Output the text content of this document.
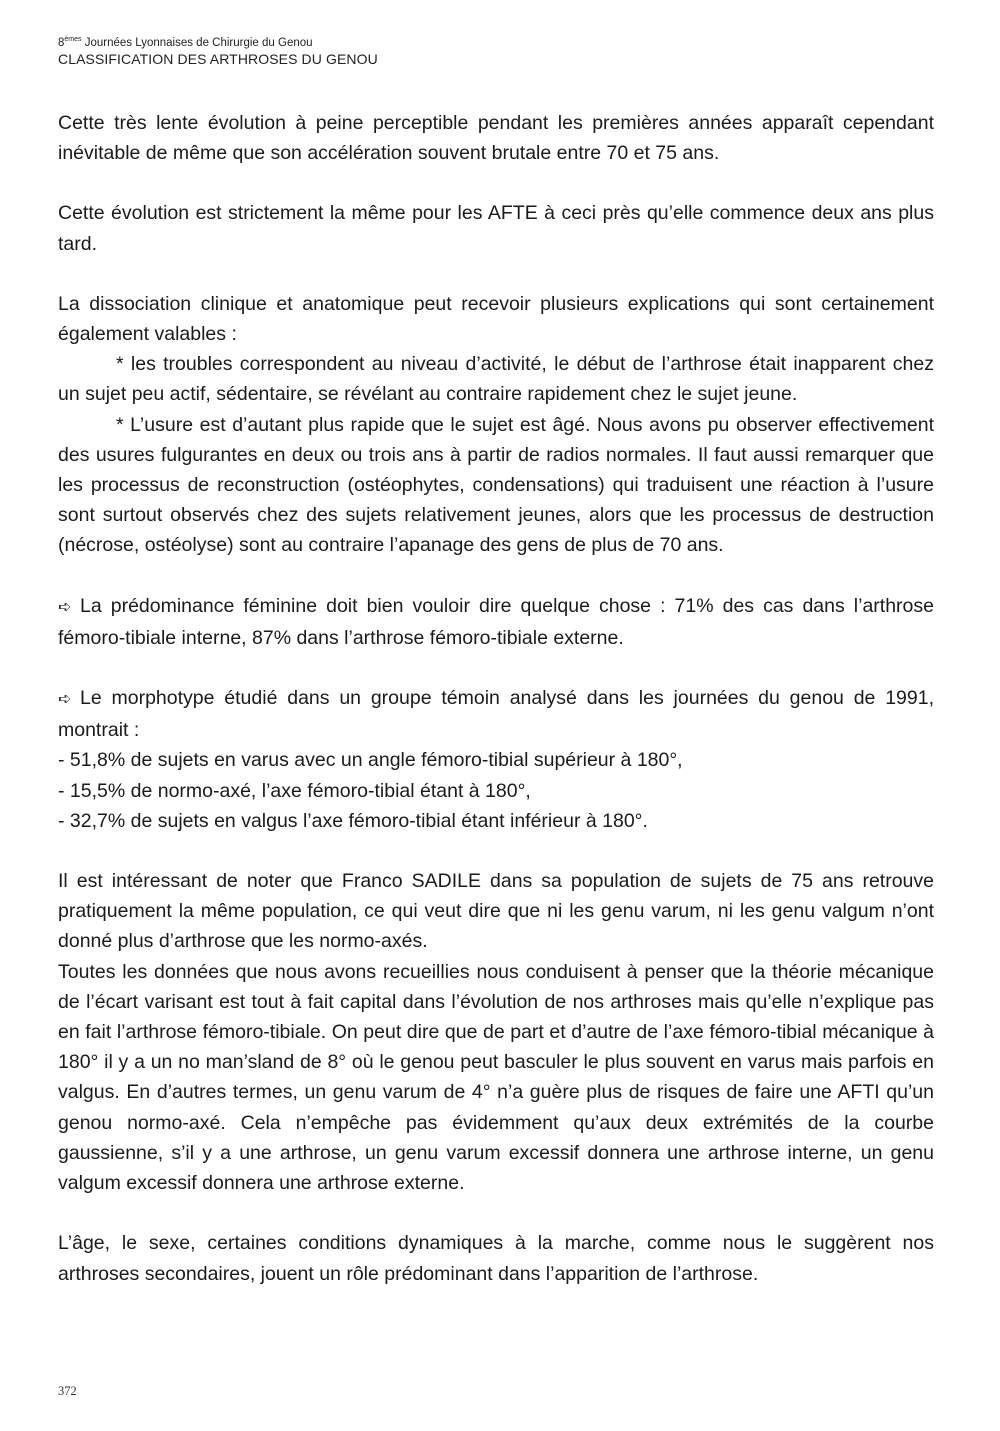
8èmes Journées Lyonnaises de Chirurgie du Genou
CLASSIFICATION DES ARTHROSES DU GENOU

Cette très lente évolution à peine perceptible pendant les premières années apparaît cependant inévitable de même que son accélération souvent brutale entre 70 et 75 ans.

Cette évolution est strictement la même pour les AFTE à ceci près qu’elle commence deux ans plus tard.

La dissociation clinique et anatomique peut recevoir plusieurs explications qui sont certainement également valables :

* les troubles correspondent au niveau d’activité, le début de l’arthrose était inapparent chez un sujet peu actif, sédentaire, se révélant au contraire rapidement chez le sujet jeune.

* L’usure est d’autant plus rapide que le sujet est âgé. Nous avons pu observer effectivement des usures fulgurantes en deux ou trois ans à partir de radios normales. Il faut aussi remarquer que les processus de reconstruction (ostéophytes, condensations) qui traduisent une réaction à l’usure sont surtout observés chez des sujets relativement jeunes, alors que les processus de destruction (nécrose, ostéolyse) sont au contraire l’apanage des gens de plus de 70 ans.

➪ La prédominance féminine doit bien vouloir dire quelque chose : 71% des cas dans l’arthrose fémoro-tibiale interne, 87% dans l’arthrose fémoro-tibiale externe.

➪ Le morphotype étudié dans un groupe témoin analysé dans les journées du genou de 1991, montrait :

- 51,8% de sujets en varus avec un angle fémoro-tibial supérieur à 180°,

- 15,5% de normo-axé, l’axe fémoro-tibial étant à 180°,

- 32,7% de sujets en valgus l’axe fémoro-tibial étant inférieur à 180°.

Il est intéressant de noter que Franco SADILE dans sa population de sujets de 75 ans retrouve pratiquement la même population, ce qui veut dire que ni les genu varum, ni les genu valgum n’ont donné plus d’arthrose que les normo-axés.

Toutes les données que nous avons recueillies nous conduisent à penser que la théorie mécanique de l’écart varisant est tout à fait capital dans l’évolution de nos arthroses mais qu’elle n’explique pas en fait l’arthrose fémoro-tibiale. On peut dire que de part et d’autre de l’axe fémoro-tibial mécanique à 180° il y a un no man’sland de 8° où le genou peut basculer le plus souvent en varus mais parfois en valgus. En d’autres termes, un genu varum de 4° n’a guère plus de risques de faire une AFTI qu’un genou normo-axé. Cela n’empêche pas évidemment qu’aux deux extrémités de la courbe gaussienne, s’il y a une arthrose, un genu varum excessif donnera une arthrose interne, un genu valgum excessif donnera une arthrose externe.

L’âge, le sexe, certaines conditions dynamiques à la marche, comme nous le suggèrent nos arthroses secondaires, jouent un rôle prédominant dans l’apparition de l’arthrose.

372
